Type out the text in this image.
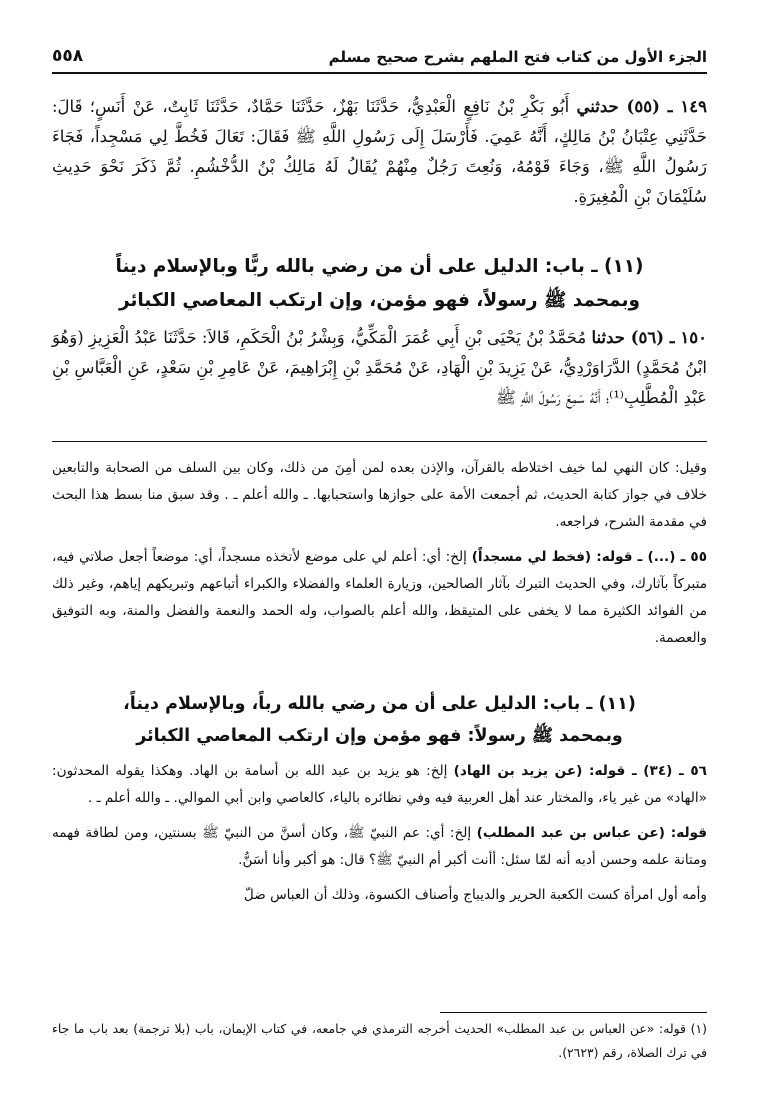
الجزء الأول من كتاب فتح الملهم بشرح صحيح مسلم
٥٥٨
١٤٩ ـ (٥٥) حدثني أَبُو بَكْرِ بْنُ نَافِعٍ الْعَبْدِيُّ، حَدَّثَنَا بَهْزٌ، حَدَّثَنَا حَمَّادٌ، حَدَّثَنَا ثَابِتٌ، عَنْ أَنَسٍ؛ قَالَ: حَدَّثَنِي عِتْبَانُ بْنُ مَالِكٍ، أَنَّهُ عَمِيَ. فَأَرْسَلَ إِلَى رَسُولِ اللَّهِ ﷺ فَقَالَ: تَعَالَ فَخُطَّ لِي مَسْجِداً، فَجَاءَ رَسُولُ اللَّهِ ﷺ، وَجَاءَ قَوْمُهُ، وَنُعِتَ رَجُلٌ مِنْهُمْ يُقَالُ لَهُ مَالِكُ بْنُ الدُّخْشُمِ. ثُمَّ ذَكَرَ نَحْوَ حَدِيثِ سُلَيْمَانَ بْنِ الْمُغِيرَةِ.
(١١) ـ باب: الدليل على أن من رضي بالله ربًّا وبالإسلام ديناً
وبمحمد ﷺ رسولاً، فهو مؤمن، وإن ارتكب المعاصي الكبائر
١٥٠ ـ (٥٦) حدثنا مُحَمَّدُ بْنُ يَحْيَى بْنِ أَبِي عُمَرَ الْمَكِّيُّ، وَبِشْرُ بْنُ الْحَكَمِ، قَالاَ: حَدَّثَنَا عَبْدُ الْعَزِيزِ (وَهُوَ ابْنُ مُحَمَّدٍ) الدَّرَاوَرْدِيُّ، عَنْ يَزِيدَ بْنِ الْهَادِ، عَنْ مُحَمَّدِ بْنِ إِبْرَاهِيمَ، عَنْ عَامِرِ بْنِ سَعْدٍ، عَنِ الْعَبَّاسِ بْنِ عَبْدِ الْمُطَّلِبِ⁽¹⁾؛ أَنَّهُ سَمِعَ رَسُولَ اللَّهِ ﷺ

وقيل: كان النهي لما خيف اختلاطه بالقرآن، والإذن بعده لمن أمِنَ من ذلك، وكان بين السلف من الصحابة والتابعين خلاف في جواز كتابة الحديث، ثم أجمعت الأمة على جوازها واستحبابها. ـ والله أعلم ـ . وقد سبق منا بسط هذا البحث في مقدمة الشرح، فراجعه.

٥٥ ـ (...) ـ قوله: (فخط لي مسجداً) إلخ: أي: أعلم لي على موضع لأتخذه مسجداً، أي: موضعاً أجعل صلاتي فيه، متبركاً بآثارك، وفي الحديث التبرك بآثار الصالحين، وزيارة العلماء والفضلاء والكبراء أتباعهم وتبريكهم إياهم، وغير ذلك من الفوائد الكثيرة مما لا يخفى على المتيقظ، والله أعلم بالصواب، وله الحمد والنعمة والفضل والمنة، وبه التوفيق والعصمة.

(١١) ـ باب: الدليل على أن من رضي بالله رباً، وبالإسلام ديناً،
وبمحمد ﷺ رسولاً: فهو مؤمن وإن ارتكب المعاصي الكبائر

٥٦ ـ (٣٤) ـ قوله: (عن يزيد بن الهاد) إلخ: هو يزيد بن عبد الله بن أسامة بن الهاد. وهكذا يقوله المحدثون: «الهاد» من غير ياء، والمختار عند أهل العربية فيه وفي نظائره بالياء، كالعاصي وابن أبي الموالي. ـ والله أعلم ـ .

قوله: (عن عباس بن عبد المطلب) إلخ: أي: عم النبيّ ﷺ، وكان أسنَّ من النبيّ ﷺ بسنتين، ومن لطافة فهمه ومتانة علمه وحسن أدبه أنه لمّا سئل: أأنت أكبر أم النبيّ ﷺ؟ قال: هو أكبر وأنا أسَنُّ.

وأمه أول امرأة كست الكعبة الحرير والديباج وأصناف الكسوة، وذلك أن العباس ضلّ

(١) قوله: «عن العباس بن عبد المطلب» الحديث أخرجه الترمذي في جامعه، في كتاب الإيمان، باب (بلا ترجمة) بعد باب ما جاء في ترك الصلاة، رقم (٢٦٢٣).
